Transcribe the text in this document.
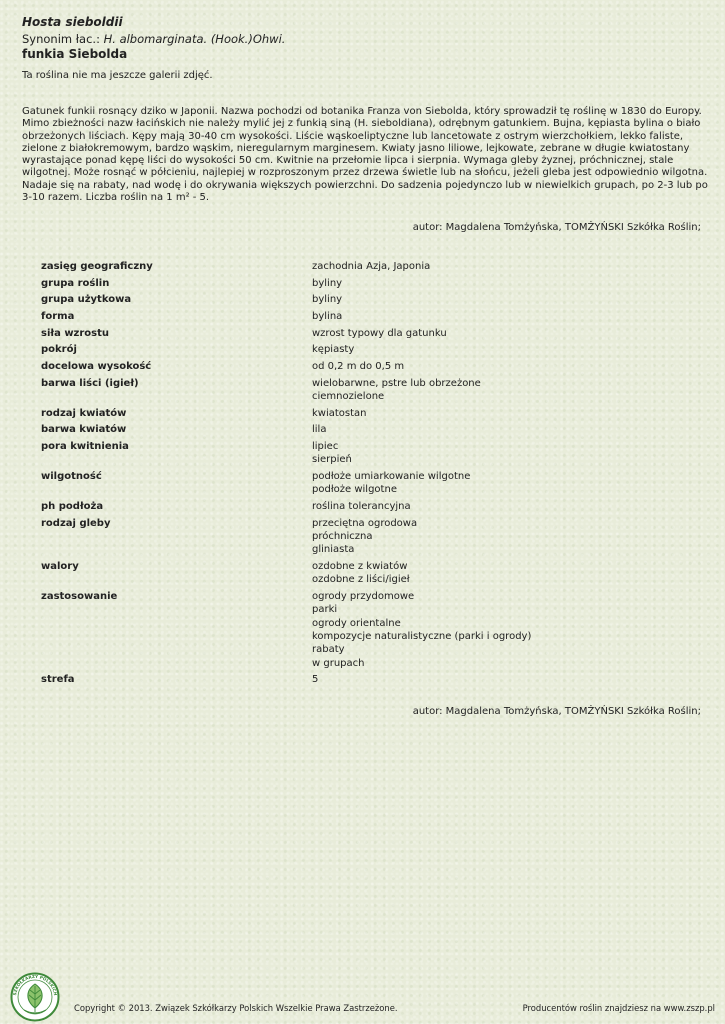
Hosta sieboldii
Synonim łac.: H. albomarginata. (Hook.)Ohwi.
funkia Siebolda
Ta roślina nie ma jeszcze galerii zdjęć.
Gatunek funkii rosnący dziko w Japonii. Nazwa pochodzi od botanika Franza von Siebolda, który sprowadził tę roślinę w 1830 do Europy. Mimo zbieżności nazw łacińskich nie należy mylić jej z funkią siną (H. sieboldiana), odrębnym gatunkiem. Bujna, kępiasta bylina o biało obrzeżonych liściach. Kępy mają 30-40 cm wysokości. Liście wąskoeliptyczne lub lancetowate z ostrym wierzchołkiem, lekko faliste, zielone z białokremowym, bardzo wąskim, nieregularnym marginesem. Kwiaty jasno liliowe, lejkowate, zebrane w długie kwiatostany wyrastające ponad kępę liści do wysokości 50 cm. Kwitnie na przełomie lipca i sierpnia. Wymaga gleby żyznej, próchnicznej, stale wilgotnej. Może rosnąć w półcieniu, najlepiej w rozproszonym przez drzewa świetle lub na słońcu, jeżeli gleba jest odpowiednio wilgotna. Nadaje się na rabaty, nad wodę i do okrywania większych powierzchni. Do sadzenia pojedynczo lub w niewielkich grupach, po 2-3 lub po 3-10 razem. Liczba roślin na 1 m² - 5.
autor: Magdalena Tomżyńska, TOMŻYŃSKI Szkółka Roślin;
zasięg geograficzny	zachodnia Azja, Japonia
grupa roślin	byliny
grupa użytkowa	byliny
forma	bylina
siła wzrostu	wzrost typowy dla gatunku
pokrój	kępiasty
docelowa wysokość	od 0,2 m do 0,5 m
barwa liści (igieł)	wielobarwne, pstre lub obrzeżone
ciemnozielone
rodzaj kwiatów	kwiatostan
barwa kwiatów	lila
pora kwitnienia	lipiec
sierpień
wilgotność	podłoże umiarkowanie wilgotne
podłoże wilgotne
ph podłoża	roślina tolerancyjna
rodzaj gleby	przeciętna ogrodowa
próchniczna
gliniasta
walory	ozdobne z kwiatów
ozdobne z liści/igieł
zastosowanie	ogrody przydomowe
parki
ogrody orientalne
kompozycje naturalistyczne (parki i ogrody)
rabaty
w grupach
strefa	5
autor: Magdalena Tomżyńska, TOMŻYŃSKI Szkółka Roślin;
SZKÓŁKARZY POLSKICH
Copyright © 2013. Związek Szkółkarzy Polskich Wszelkie Prawa Zastrzeżone.	Producentów roślin znajdziesz na www.zszp.pl
